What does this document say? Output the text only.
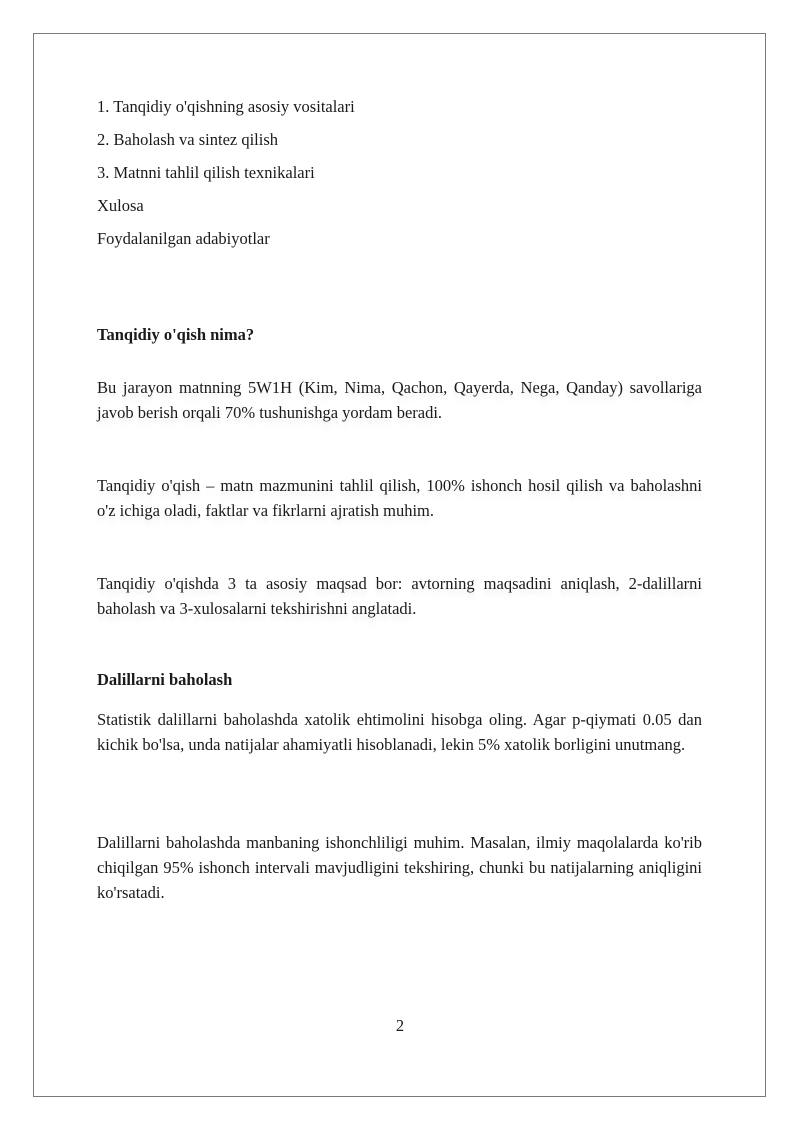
1. Tanqidiy o'qishning asosiy vositalari
2. Baholash va sintez qilish
3. Matnni tahlil qilish texnikalari
Xulosa
Foydalanilgan adabiyotlar
Tanqidiy o'qish nima?
Bu jarayon matnning 5W1H (Kim, Nima, Qachon, Qayerda, Nega, Qanday) savollariga javob berish orqali 70% tushunishga yordam beradi.
Tanqidiy o'qish – matn mazmunini tahlil qilish, 100% ishonch hosil qilish va baholashni o'z ichiga oladi, faktlar va fikrlarni ajratish muhim.
Tanqidiy o'qishda 3 ta asosiy maqsad bor: avtorning maqsadini aniqlash, 2-dalillarni baholash va 3-xulosalarni tekshirishni anglatadi.
Dalillarni baholash
Statistik dalillarni baholashda xatolik ehtimolini hisobga oling. Agar p-qiymati 0.05 dan kichik bo'lsa, unda natijalar ahamiyatli hisoblanadi, lekin 5% xatolik borligini unutmang.
Dalillarni baholashda manbaning ishonchliligi muhim. Masalan, ilmiy maqolalarda ko'rib chiqilgan 95% ishonch intervali mavjudligini tekshiring, chunki bu natijalarning aniqligini ko'rsatadi.
2
